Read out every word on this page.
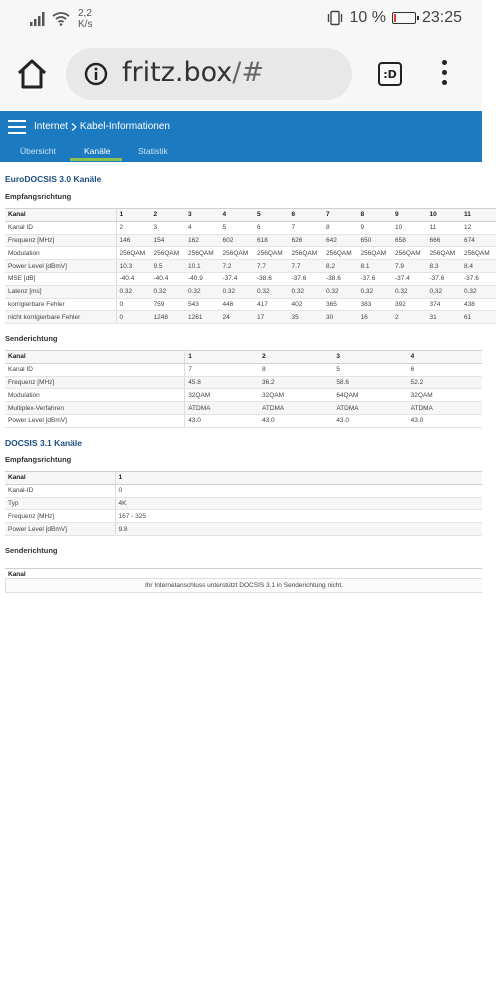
2,2
K/s	10 % 23:25
fritz.box/#	:D
Internet Kabel-Informationen
Übersicht	Kanäle	Statistik
EuroDOCSIS 3.0 Kanäle
Empfangsrichtung
Kanal	1	2	3	4	5	6	7	8	9	10	11
Kanal ID	2	3	4	5	6	7	8	9	10	11	12
Frequenz [MHz]	146	154	162	602	618	626	642	650	658	666	674
Modulation	256QAM	256QAM	256QAM	256QAM	256QAM	256QAM	256QAM	256QAM	256QAM	256QAM	256QAM
Power Level [dBmV]	10.3	9.5	10.1	7.2	7.7	7.7	8.2	8.1	7.9	8.3	8.4
MSE [dB]	-40.4	-40.4	-40.9	-37.4	-38.6	-37.6	-38.6	-37.6	-37.4	-37.6	-37.6
Latenz [ms]	0.32	0.32	0.32	0.32	0.32	0.32	0.32	0.32	0.32	0.32	0.32
korrigierbare Fehler	0	759	543	446	417	402	365	383	392	374	438
nicht korrigierbare Fehler	0	1248	1261	24	17	35	30	16	2	31	61
Senderichtung
Kanal	1	2	3	4
Kanal ID	7	8	5	6
Frequenz [MHz]	45.8	36.2	58.6	52.2
Modulation	32QAM	32QAM	64QAM	32QAM
Multiplex-Verfahren	ATDMA	ATDMA	ATDMA	ATDMA
Power Level [dBmV]	43.0	43.0	43.0	43.0
DOCSIS 3.1 Kanäle
Empfangsrichtung
Kanal	1
Kanal-ID	0
Typ	4K
Frequenz [MHz]	167 - 325
Power Level [dBmV]	9.8
Senderichtung
Kanal
Ihr Internetanschluss unterstützt DOCSIS 3.1 in Senderichtung nicht.
